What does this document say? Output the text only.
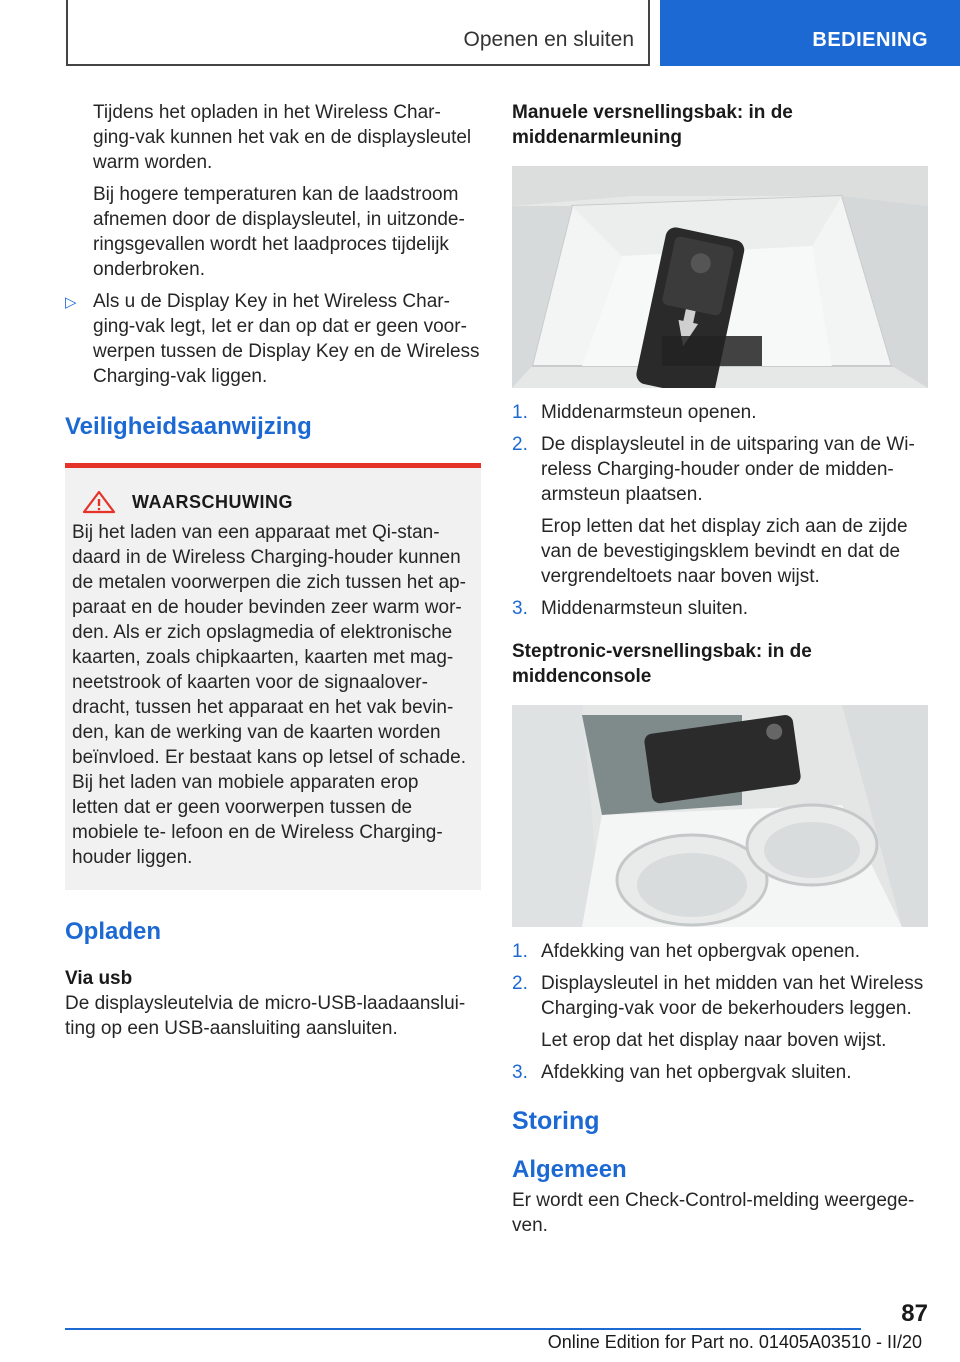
Openen en sluiten	BEDIENING

Tijdens het opladen in het Wireless Char‐ ging-vak kunnen het vak en de displaysleutel warm worden.

Bij hogere temperaturen kan de laadstroom afnemen door de displaysleutel, in uitzonde‐ ringsgevallen wordt het laadproces tijdelijk onderbroken.

▷ Als u de Display Key in het Wireless Char‐ ging-vak legt, let er dan op dat er geen voor‐ werpen tussen de Display Key en de Wireless Charging-vak liggen.
Veiligheidsaanwijzing
WAARSCHUWING

Bij het laden van een apparaat met Qi-stan‐ daard in de Wireless Charging-houder kunnen de metalen voorwerpen die zich tussen het ap‐ paraat en de houder bevinden zeer warm wor‐ den. Als er zich opslagmedia of elektronische kaarten, zoals chipkaarten, kaarten met mag‐ neetstrook of kaarten voor de signaalover‐ dracht, tussen het apparaat en het vak bevin‐ den, kan de werking van de kaarten worden beïnvloed. Er bestaat kans op letsel of schade. Bij het laden van mobiele apparaten erop letten dat er geen voorwerpen tussen de mobiele te‐ lefoon en de Wireless Charging-houder liggen.

Opladen
Via usb

De displaysleutelvia de micro-USB-laadaanslui‐ ting op een USB-aansluiting aansluiten.

Manuele versnellingsbak: in de middenarmleuning
1. Middenarmsteun openen.
2. De displaysleutel in de uitsparing van de Wi‐ reless Charging-houder onder de midden‐ armsteun plaatsen.

Erop letten dat het display zich aan de zijde van de bevestigingsklem bevindt en dat de vergrendeltoets naar boven wijst.

3. Middenarmsteun sluiten.
Steptronic-versnellingsbak: in de middenconsole
1. Afdekking van het opbergvak openen.
2. Displaysleutel in het midden van het Wireless Charging-vak voor de bekerhouders leggen.

Let erop dat het display naar boven wijst.

3. Afdekking van het opbergvak sluiten.
Storing
Algemeen

Er wordt een Check-Control-melding weergege‐ ven.

87
Online Edition for Part no. 01405A03510 - II/20
